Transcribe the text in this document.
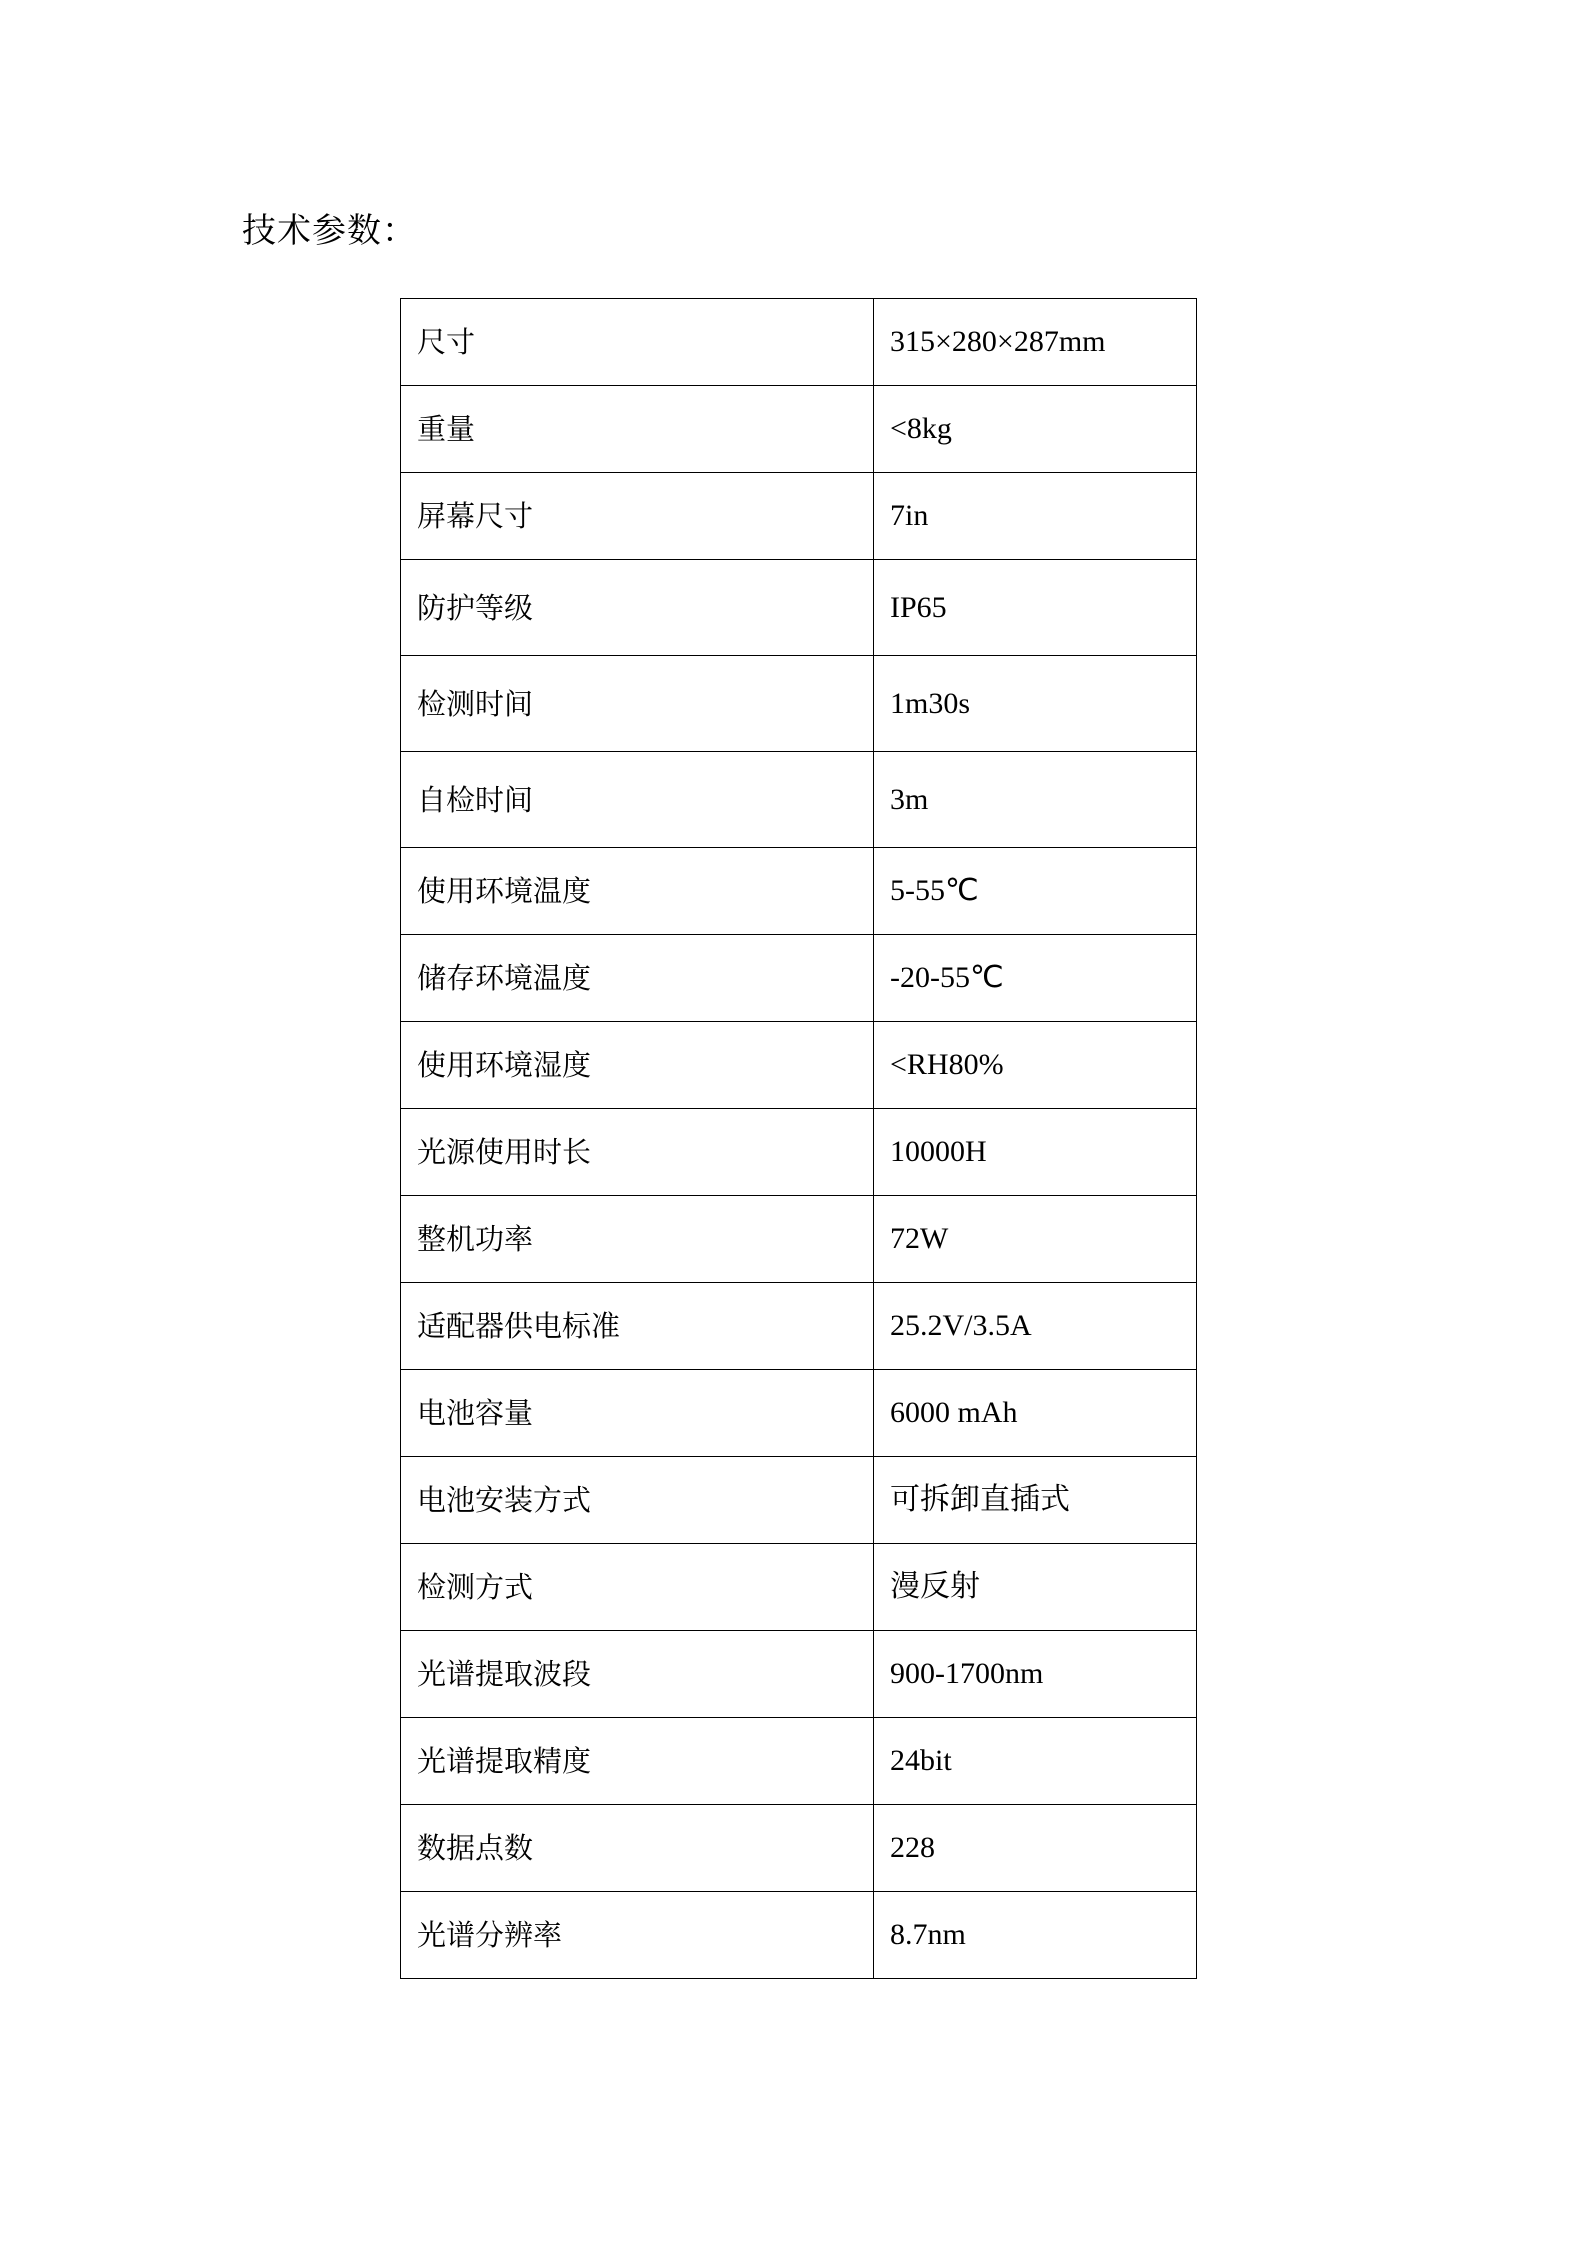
技术参数：
尺寸	315×280×287mm
重量	<8kg
屏幕尺寸	7in
防护等级	IP65
检测时间	1m30s
自检时间	3m
使用环境温度	5-55℃
储存环境温度	-20-55℃
使用环境湿度	<RH80%
光源使用时长	10000H
整机功率	72W
适配器供电标准	25.2V/3.5A
电池容量	6000 mAh
电池安装方式	可拆卸直插式
检测方式	漫反射
光谱提取波段	900-1700nm
光谱提取精度	24bit
数据点数	228
光谱分辨率	8.7nm
